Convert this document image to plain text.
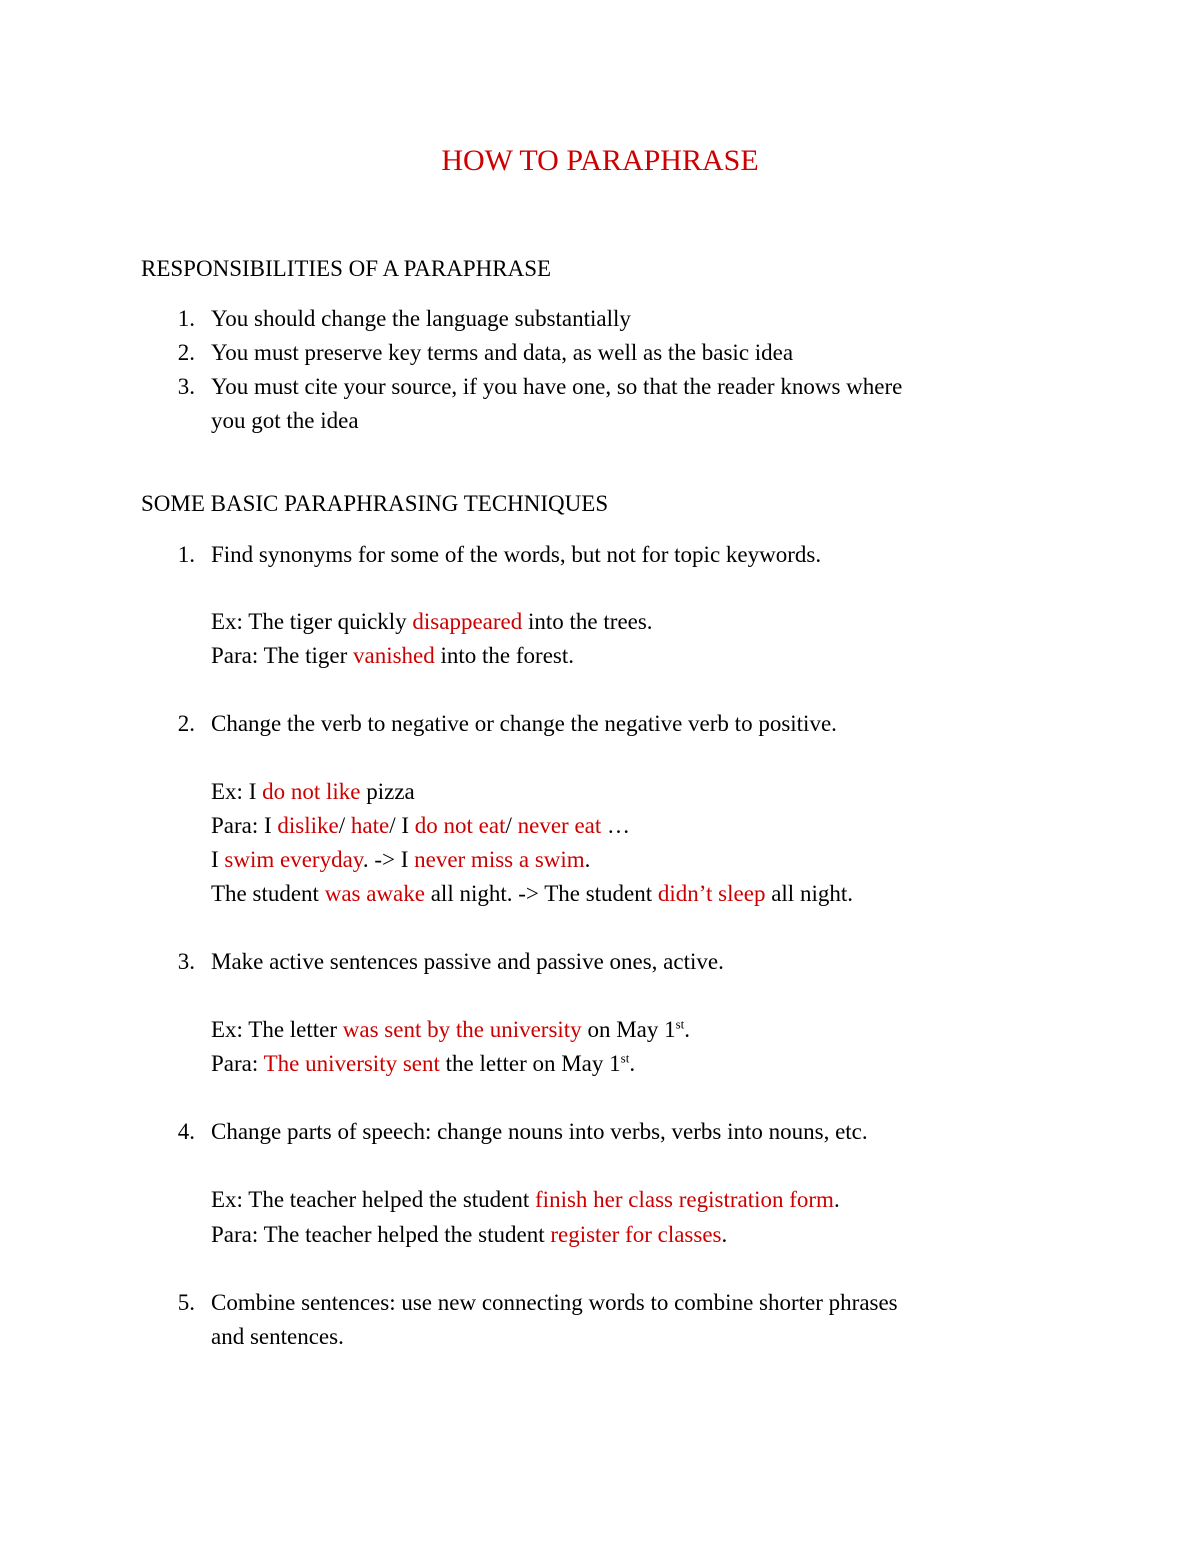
HOW TO PARAPHRASE
RESPONSIBILITIES OF A PARAPHRASE
1. You should change the language substantially
2. You must preserve key terms and data, as well as the basic idea
3. You must cite your source, if you have one, so that the reader knows where
you got the idea
SOME BASIC PARAPHRASING TECHNIQUES
1. Find synonyms for some of the words, but not for topic keywords.
Ex: The tiger quickly disappeared into the trees.
Para: The tiger vanished into the forest.
2. Change the verb to negative or change the negative verb to positive.
Ex: I do not like pizza
Para: I dislike/ hate/ I do not eat/ never eat …
I swim everyday. -> I never miss a swim.
The student was awake all night. -> The student didn’t sleep all night.
3. Make active sentences passive and passive ones, active.
Ex: The letter was sent by the university on May 1st.
Para: The university sent the letter on May 1st.
4. Change parts of speech: change nouns into verbs, verbs into nouns, etc.
Ex: The teacher helped the student finish her class registration form.
Para: The teacher helped the student register for classes.
5. Combine sentences: use new connecting words to combine shorter phrases
and sentences.
